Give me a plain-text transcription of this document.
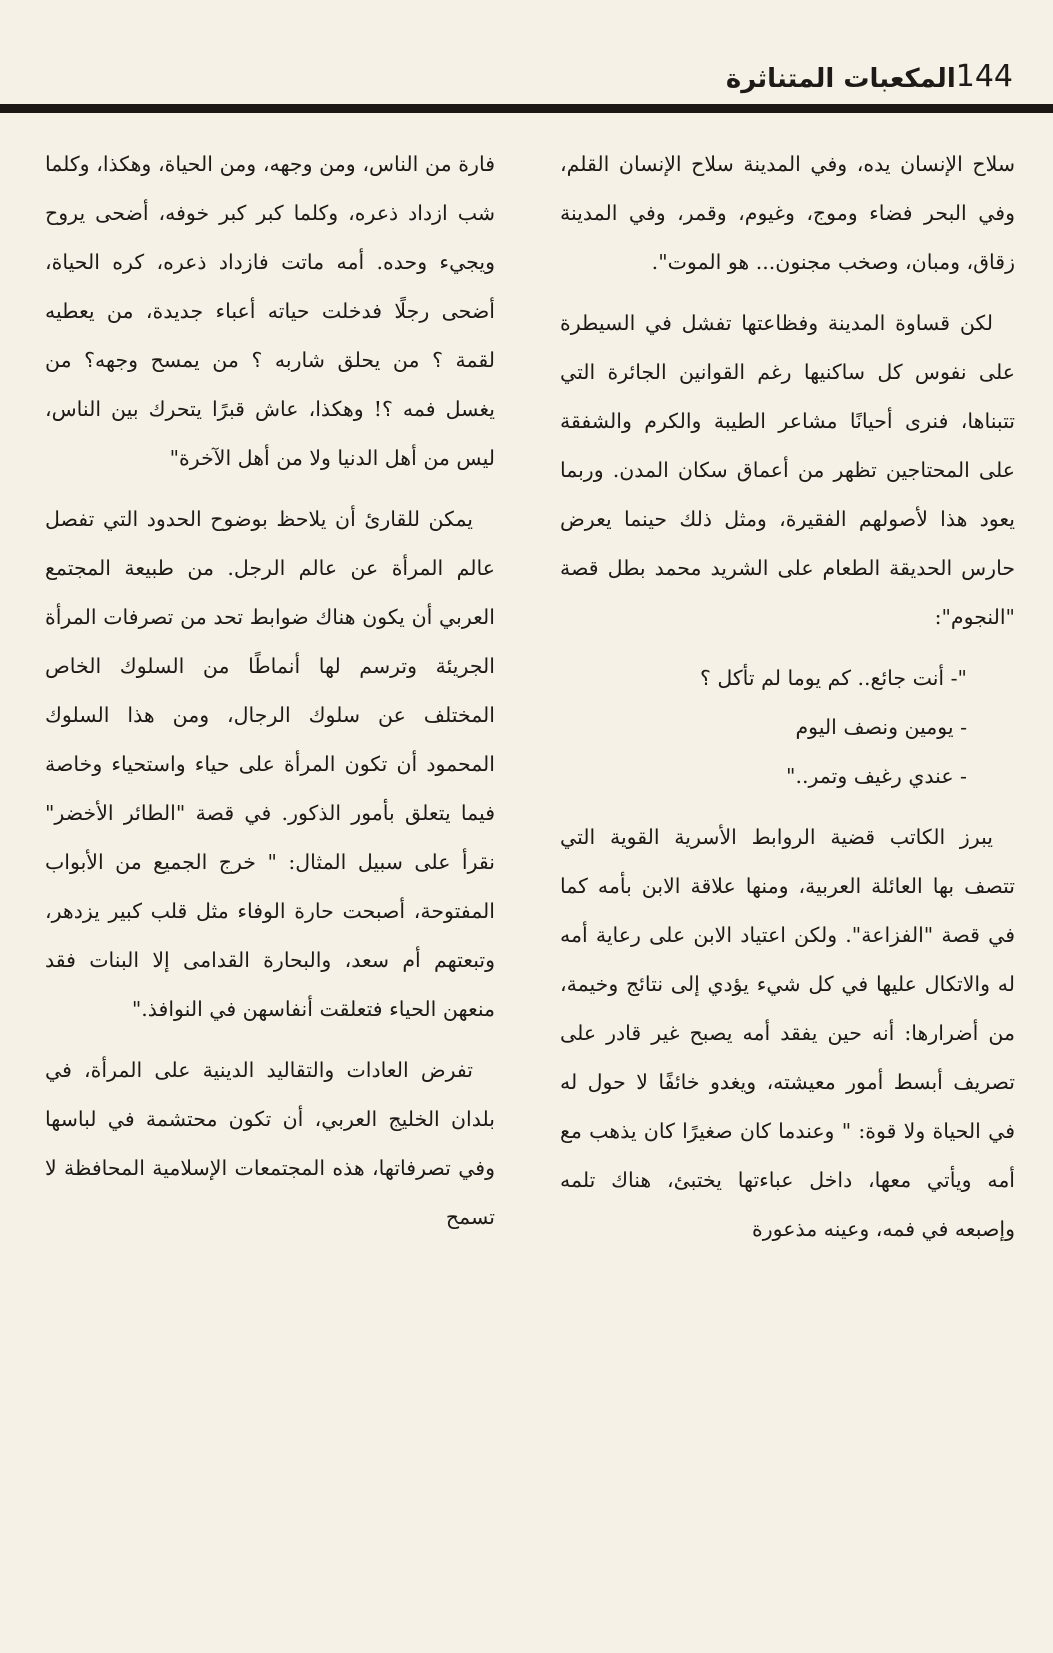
144
المكعبات المتناثرة

سلاح الإنسان يده، وفي المدينة سلاح الإنسان القلم، وفي البحر فضاء وموج، وغيوم، وقمر، وفي المدينة زقاق، ومبان، وصخب مجنون... هو الموت".

لكن قساوة المدينة وفظاعتها تفشل في السيطرة على نفوس كل ساكنيها رغم القوانين الجائرة التي تتبناها، فنرى أحيانًا مشاعر الطيبة والكرم والشفقة على المحتاجين تظهر من أعماق سكان المدن. وربما يعود هذا لأصولهم الفقيرة، ومثل ذلك حينما يعرض حارس الحديقة الطعام على الشريد محمد بطل قصة "النجوم":

"- أنت جائع.. كم يوما لم تأكل ؟

- يومين ونصف اليوم

- عندي رغيف وتمر.."

يبرز الكاتب قضية الروابط الأسرية القوية التي تتصف بها العائلة العربية، ومنها علاقة الابن بأمه كما في قصة "الفزاعة". ولكن اعتياد الابن على رعاية أمه له والاتكال عليها في كل شيء يؤدي إلى نتائج وخيمة، من أضرارها: أنه حين يفقد أمه يصبح غير قادر على تصريف أبسط أمور معيشته، ويغدو خائفًا لا حول له في الحياة ولا قوة: " وعندما كان صغيرًا كان يذهب مع أمه ويأتي معها، داخل عباءتها يختبئ، هناك تلمه وإصبعه في فمه، وعينه مذعورة

فارة من الناس، ومن وجهه، ومن الحياة، وهكذا، وكلما شب ازداد ذعره، وكلما كبر كبر خوفه، أضحى يروح ويجيء وحده. أمه ماتت فازداد ذعره، كره الحياة، أضحى رجلًا فدخلت حياته أعباء جديدة، من يعطيه لقمة ؟ من يحلق شاربه ؟ من يمسح وجهه؟ من يغسل فمه ؟! وهكذا، عاش قبرًا يتحرك بين الناس، ليس من أهل الدنيا ولا من أهل الآخرة"

يمكن للقارئ أن يلاحظ بوضوح الحدود التي تفصل عالم المرأة عن عالم الرجل. من طبيعة المجتمع العربي أن يكون هناك ضوابط تحد من تصرفات المرأة الجريئة وترسم لها أنماطًا من السلوك الخاص المختلف عن سلوك الرجال، ومن هذا السلوك المحمود أن تكون المرأة على حياء واستحياء وخاصة فيما يتعلق بأمور الذكور. في قصة "الطائر الأخضر" نقرأ على سبيل المثال: " خرج الجميع من الأبواب المفتوحة، أصبحت حارة الوفاء مثل قلب كبير يزدهر، وتبعتهم أم سعد، والبحارة القدامى إلا البنات فقد منعهن الحياء فتعلقت أنفاسهن في النوافذ."

تفرض العادات والتقاليد الدينية على المرأة، في بلدان الخليج العربي، أن تكون محتشمة في لباسها وفي تصرفاتها، هذه المجتمعات الإسلامية المحافظة لا تسمح
